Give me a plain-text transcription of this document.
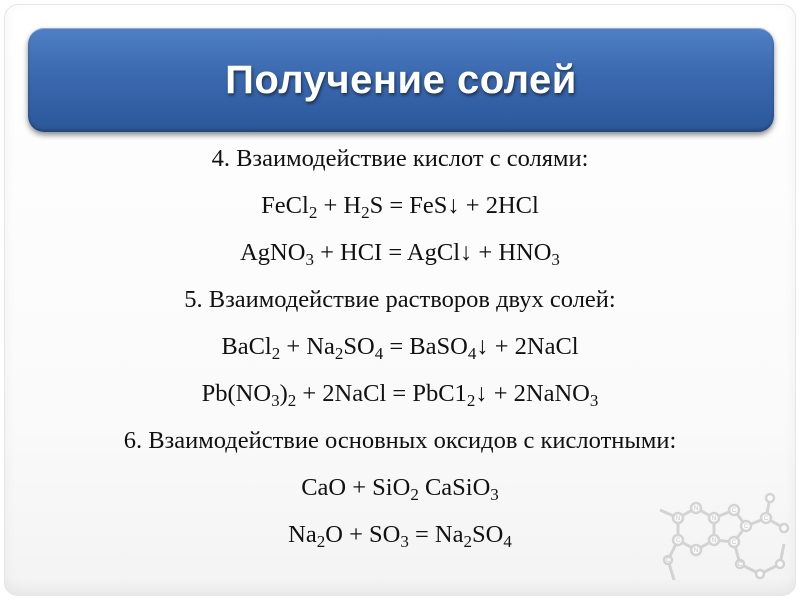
Получение солей
4. Взаимодействие кислот с солями:
FeCl$_2$ + $H_2S$ = FeS↓ + 2HCl
AgNO$_3$ + HCI = AgCl↓ + $HNO_3$
5. Взаимодействие растворов двух солей:
BaCl$_2$ + $Na_2SO_4$ = BaSO$_4$↓ + 2NaCl
$Pb(NO_3)_2$ + 2NaCl = $PbC1_2↓$ + 2NaNO$_3$
6. Взаимодействие основных оксидов с кислотными:
CaO + SiO$_2$ CaSiO$_3$
$Na_2O + SO_3 = Na_2SO_4$
N
N
N
N
N
C
C
C
C
C
C
C
